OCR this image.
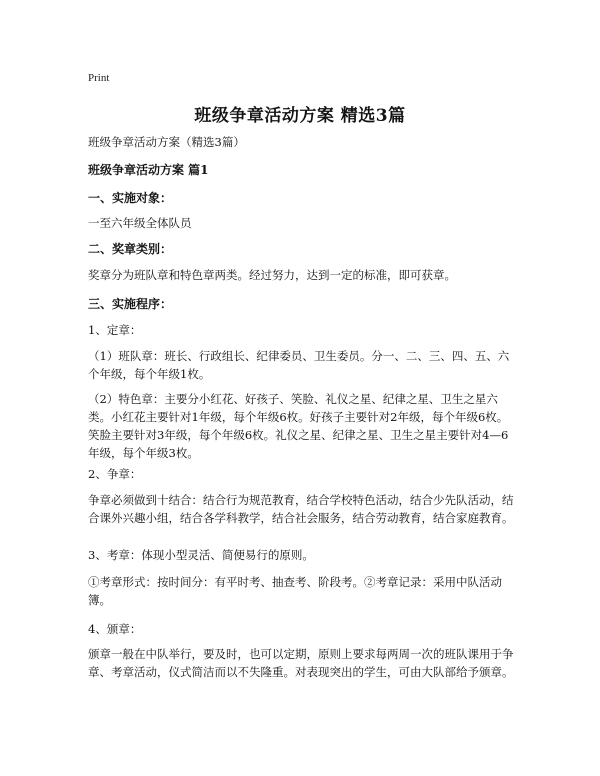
Print
班级争章活动方案 精选3篇
班级争章活动方案（精选3篇）
班级争章活动方案 篇1
一、实施对象：
一至六年级全体队员
二、奖章类别：
奖章分为班队章和特色章两类。经过努力，达到一定的标准，即可获章。
三、实施程序：
1、定章：
（1）班队章：班长、行政组长、纪律委员、卫生委员。分一、二、三、四、五、六个年级，每个年级1枚。
（2）特色章：主要分小红花、好孩子、笑脸、礼仪之星、纪律之星、卫生之星六类。小红花主要针对1年级，每个年级6枚。好孩子主要针对2年级，每个年级6枚。笑脸主要针对3年级，每个年级6枚。礼仪之星、纪律之星、卫生之星主要针对4—6年级，每个年级3枚。
2、争章：
争章必须做到十结合：结合行为规范教育，结合学校特色活动，结合少先队活动，结合课外兴趣小组，结合各学科教学，结合社会服务，结合劳动教育，结合家庭教育。
3、考章：体现小型灵活、简便易行的原则。
①考章形式：按时间分：有平时考、抽查考、阶段考。②考章记录：采用中队活动簿。
4、颁章：
颁章一般在中队举行，要及时，也可以定期，原则上要求每两周一次的班队课用于争章、考章活动，仪式简洁而以不失隆重。对表现突出的学生，可由大队部给予颁章。
